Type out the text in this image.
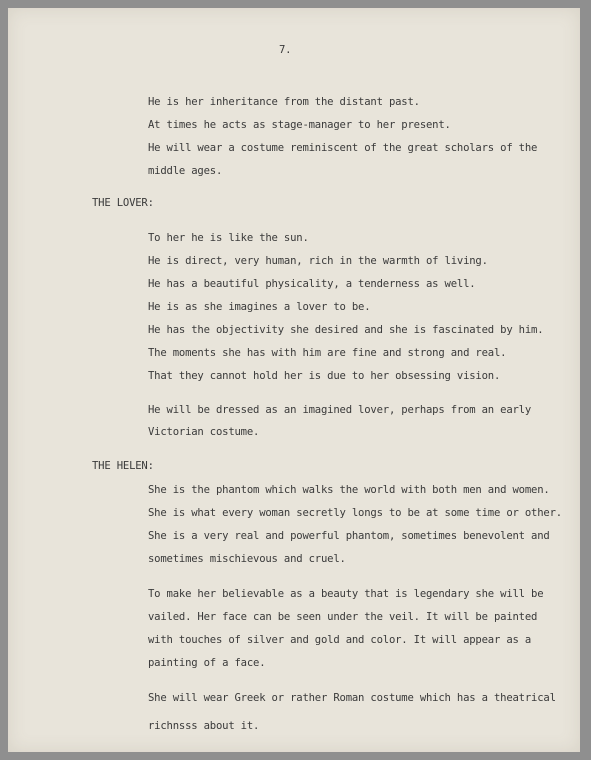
7.
He is her inheritance from the distant past.
At times he acts as stage-manager to her present.
He will wear a costume reminiscent of the great scholars of the
middle ages.
THE LOVER:
To her he is like the sun.
He is direct, very human, rich in the warmth of living.
He has a beautiful physicality, a tenderness as well.
He is as she imagines a lover to be.
He has the objectivity she desired and she is fascinated by him.
The moments she has with him are fine and strong and real.
That they cannot hold her is due to her obsessing vision.
He will be dressed as an imagined lover, perhaps from an early
Victorian costume.
THE HELEN:
She is the phantom which walks the world with both men and women.
She is what every woman secretly longs to be at some time or other.
She is a very real and powerful phantom, sometimes benevolent and
sometimes mischievous and cruel.
To make her believable as a beauty that is legendary she will be
vailed. Her face can be seen under the veil. It will be painted
with touches of silver and gold and color. It will appear as a
painting of a face.
She will wear Greek or rather Roman costume which has a theatrical
richnsss about it.
